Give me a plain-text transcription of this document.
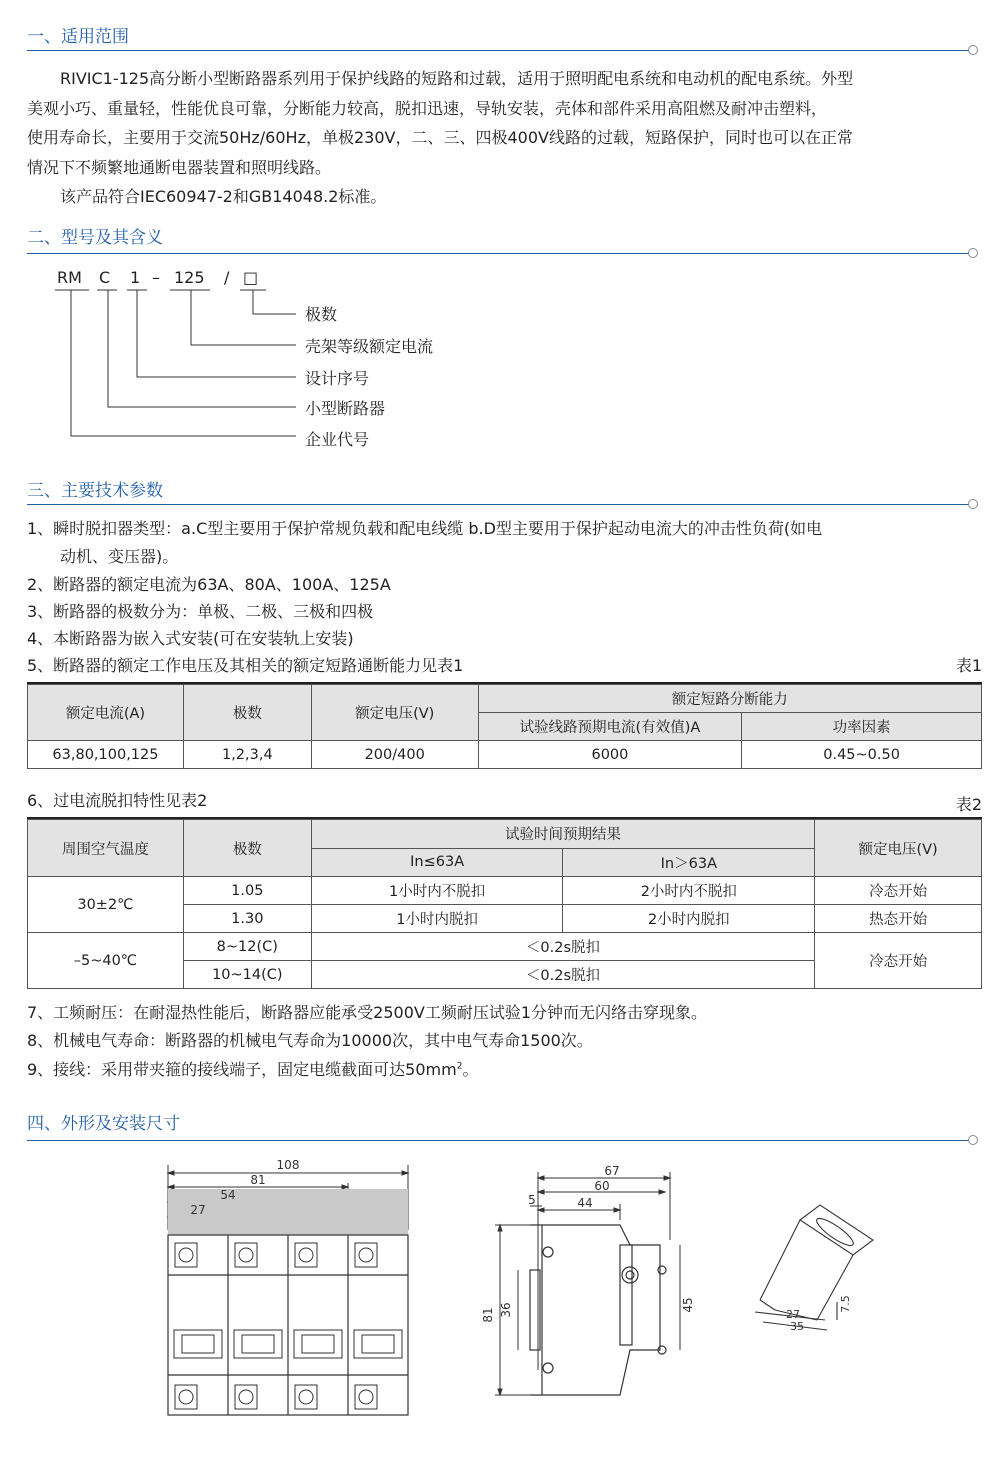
一、适用范围
RIVIC1-125高分断小型断路器系列用于保护线路的短路和过载，适用于照明配电系统和电动机的配电系统。外型
美观小巧、重量轻，性能优良可靠，分断能力较高，脱扣迅速，导轨安装，壳体和部件采用高阻燃及耐冲击塑料，
使用寿命长，主要用于交流50Hz/60Hz，单极230V，二、三、四极400V线路的过载，短路保护，同时也可以在正常
情况下不频繁地通断电器装置和照明线路。
该产品符合IEC60947-2和GB14048.2标准。
二、型号及其含义
RM C 1 – 125 / □
极数
壳架等级额定电流
设计序号
小型断路器
企业代号
三、主要技术参数
1、瞬时脱扣器类型：a.C型主要用于保护常规负载和配电线缆 b.D型主要用于保护起动电流大的冲击性负荷(如电
动机、变压器)。
2、断路器的额定电流为63A、80A、100A、125A
3、断路器的极数分为：单极、二极、三极和四极
4、本断路器为嵌入式安装(可在安装轨上安装)
5、断路器的额定工作电压及其相关的额定短路通断能力见表1	表1
额定电流(A)	极数	额定电压(V)	额定短路分断能力	
			试验线路预期电流(有效值)A	功率因素
63,80,100,125	1,2,3,4	200/400	6000	0.45~0.50
6、过电流脱扣特性见表2	表2
周围空气温度	极数	试验时间预期结果		额定电压(V)
		In≤63A	In＞63A	
30±2℃	1.05	1小时内不脱扣	2小时内不脱扣	冷态开始
	1.30	1小时内脱扣	2小时内脱扣	热态开始
–5~40℃	8~12(C)	＜0.2s脱扣		冷态开始
	10~14(C)	＜0.2s脱扣		
7、工频耐压：在耐湿热性能后，断路器应能承受2500V工频耐压试验1分钟而无闪络击穿现象。
8、机械电气寿命：断路器的机械电气寿命为10000次，其中电气寿命1500次。
9、接线：采用带夹箍的接线端子，固定电缆截面可达$50mm^2$。
四、外形及安装尺寸
108
81
54
27
67
60
5	44
81 36	45
27
35
7.5
